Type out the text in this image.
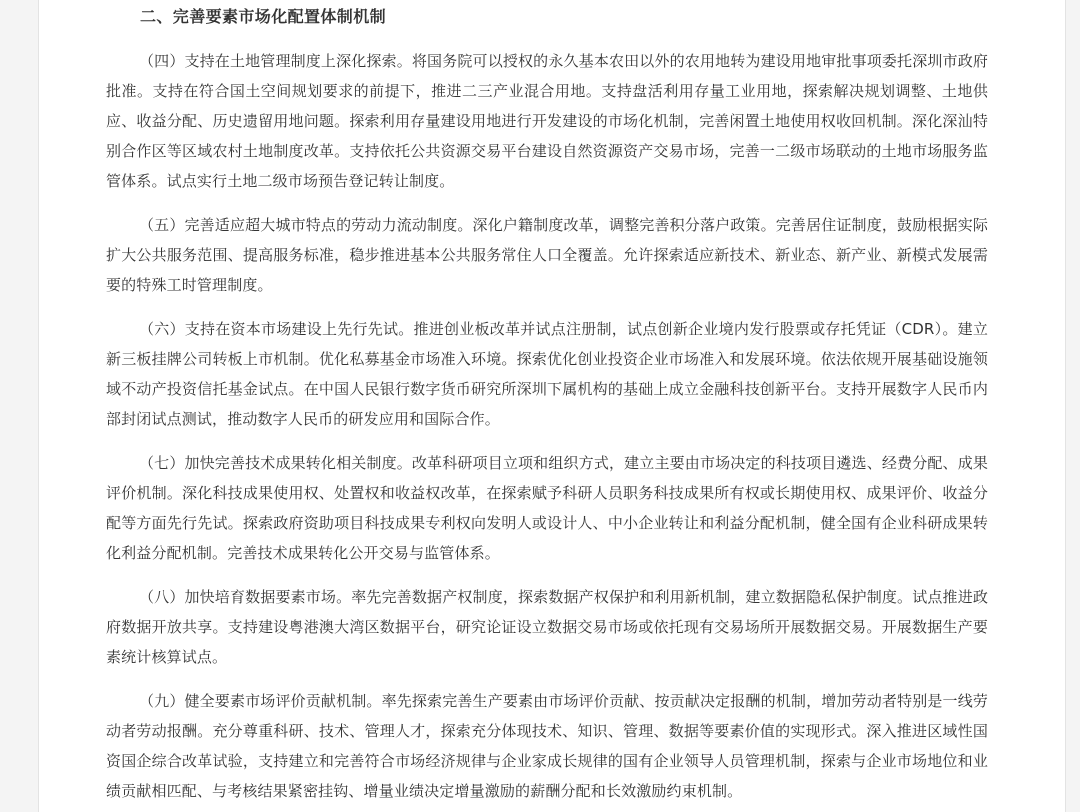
二、完善要素市场化配置体制机制

（四）支持在土地管理制度上深化探索。将国务院可以授权的永久基本农田以外的农用地转为建设用地审批事项委托深圳市政府批准。支持在符合国土空间规划要求的前提下，推进二三产业混合用地。支持盘活利用存量工业用地，探索解决规划调整、土地供应、收益分配、历史遗留用地问题。探索利用存量建设用地进行开发建设的市场化机制，完善闲置土地使用权收回机制。深化深汕特别合作区等区域农村土地制度改革。支持依托公共资源交易平台建设自然资源资产交易市场，完善一二级市场联动的土地市场服务监管体系。试点实行土地二级市场预告登记转让制度。

（五）完善适应超大城市特点的劳动力流动制度。深化户籍制度改革，调整完善积分落户政策。完善居住证制度，鼓励根据实际扩大公共服务范围、提高服务标准，稳步推进基本公共服务常住人口全覆盖。允许探索适应新技术、新业态、新产业、新模式发展需要的特殊工时管理制度。

（六）支持在资本市场建设上先行先试。推进创业板改革并试点注册制，试点创新企业境内发行股票或存托凭证（CDR）。建立新三板挂牌公司转板上市机制。优化私募基金市场准入环境。探索优化创业投资企业市场准入和发展环境。依法依规开展基础设施领域不动产投资信托基金试点。在中国人民银行数字货币研究所深圳下属机构的基础上成立金融科技创新平台。支持开展数字人民币内部封闭试点测试，推动数字人民币的研发应用和国际合作。

（七）加快完善技术成果转化相关制度。改革科研项目立项和组织方式，建立主要由市场决定的科技项目遴选、经费分配、成果评价机制。深化科技成果使用权、处置权和收益权改革，在探索赋予科研人员职务科技成果所有权或长期使用权、成果评价、收益分配等方面先行先试。探索政府资助项目科技成果专利权向发明人或设计人、中小企业转让和利益分配机制，健全国有企业科研成果转化利益分配机制。完善技术成果转化公开交易与监管体系。

（八）加快培育数据要素市场。率先完善数据产权制度，探索数据产权保护和利用新机制，建立数据隐私保护制度。试点推进政府数据开放共享。支持建设粤港澳大湾区数据平台，研究论证设立数据交易市场或依托现有交易场所开展数据交易。开展数据生产要素统计核算试点。

（九）健全要素市场评价贡献机制。率先探索完善生产要素由市场评价贡献、按贡献决定报酬的机制，增加劳动者特别是一线劳动者劳动报酬。充分尊重科研、技术、管理人才，探索充分体现技术、知识、管理、数据等要素价值的实现形式。深入推进区域性国资国企综合改革试验，支持建立和完善符合市场经济规律与企业家成长规律的国有企业领导人员管理机制，探索与企业市场地位和业绩贡献相匹配、与考核结果紧密挂钩、增量业绩决定增量激励的薪酬分配和长效激励约束机制。
